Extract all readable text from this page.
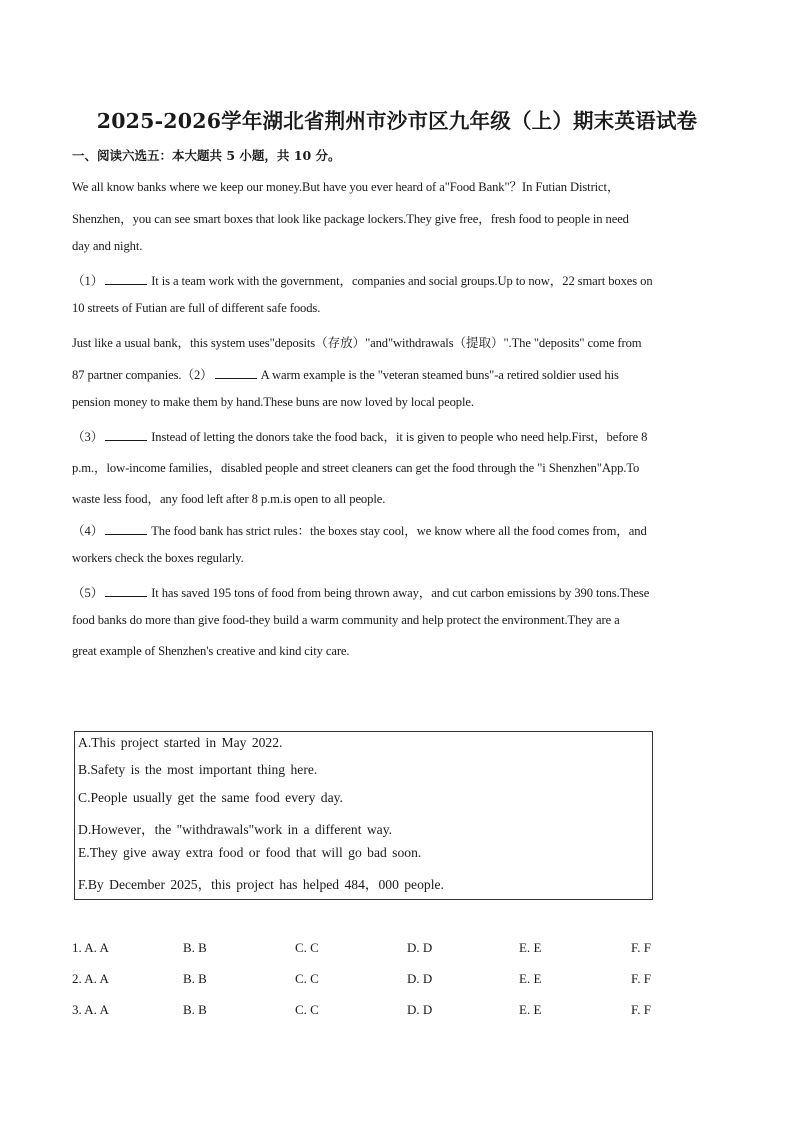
2025-2026学年湖北省荆州市沙市区九年级（上）期末英语试卷
一、阅读六选五：本大题共 5 小题，共 10 分。
We all know banks where we keep our money.But have you ever heard of a"Food Bank"？In Futian District，
Shenzhen，you can see smart boxes that look like package lockers.They give free，fresh food to people in need
day and night.
（1）	It is a team work with the government，companies and social groups.Up to now，22 smart boxes on
10 streets of Futian are full of different safe foods.
Just like a usual bank，this system uses"deposits（存放）"and"withdrawals（提取）".The "deposits" come from
87 partner companies.（2）	A warm example is the "veteran steamed buns"-a retired soldier used his
pension money to make them by hand.These buns are now loved by local people.
（3）	Instead of letting the donors take the food back，it is given to people who need help.First，before 8
p.m.，low-income families，disabled people and street cleaners can get the food through the "i Shenzhen"App.To
waste less food，any food left after 8 p.m.is open to all people.
（4）	The food bank has strict rules：the boxes stay cool，we know where all the food comes from，and
workers check the boxes regularly.
（5）	It has saved 195 tons of food from being thrown away，and cut carbon emissions by 390 tons.These
food banks do more than give food-they build a warm community and help protect the environment.They are a
great example of Shenzhen's creative and kind city care.
A.This project started in May 2022.
B.Safety is the most important thing here.
C.People usually get the same food every day.
D.However，the "withdrawals"work in a different way.
E.They give away extra food or food that will go bad soon.
F.By December 2025，this project has helped 484，000 people.
1. A. A	B. B	C. C	D. D	E. E	F. F
2. A. A	B. B	C. C	D. D	E. E	F. F
3. A. A	B. B	C. C	D. D	E. E	F. F
